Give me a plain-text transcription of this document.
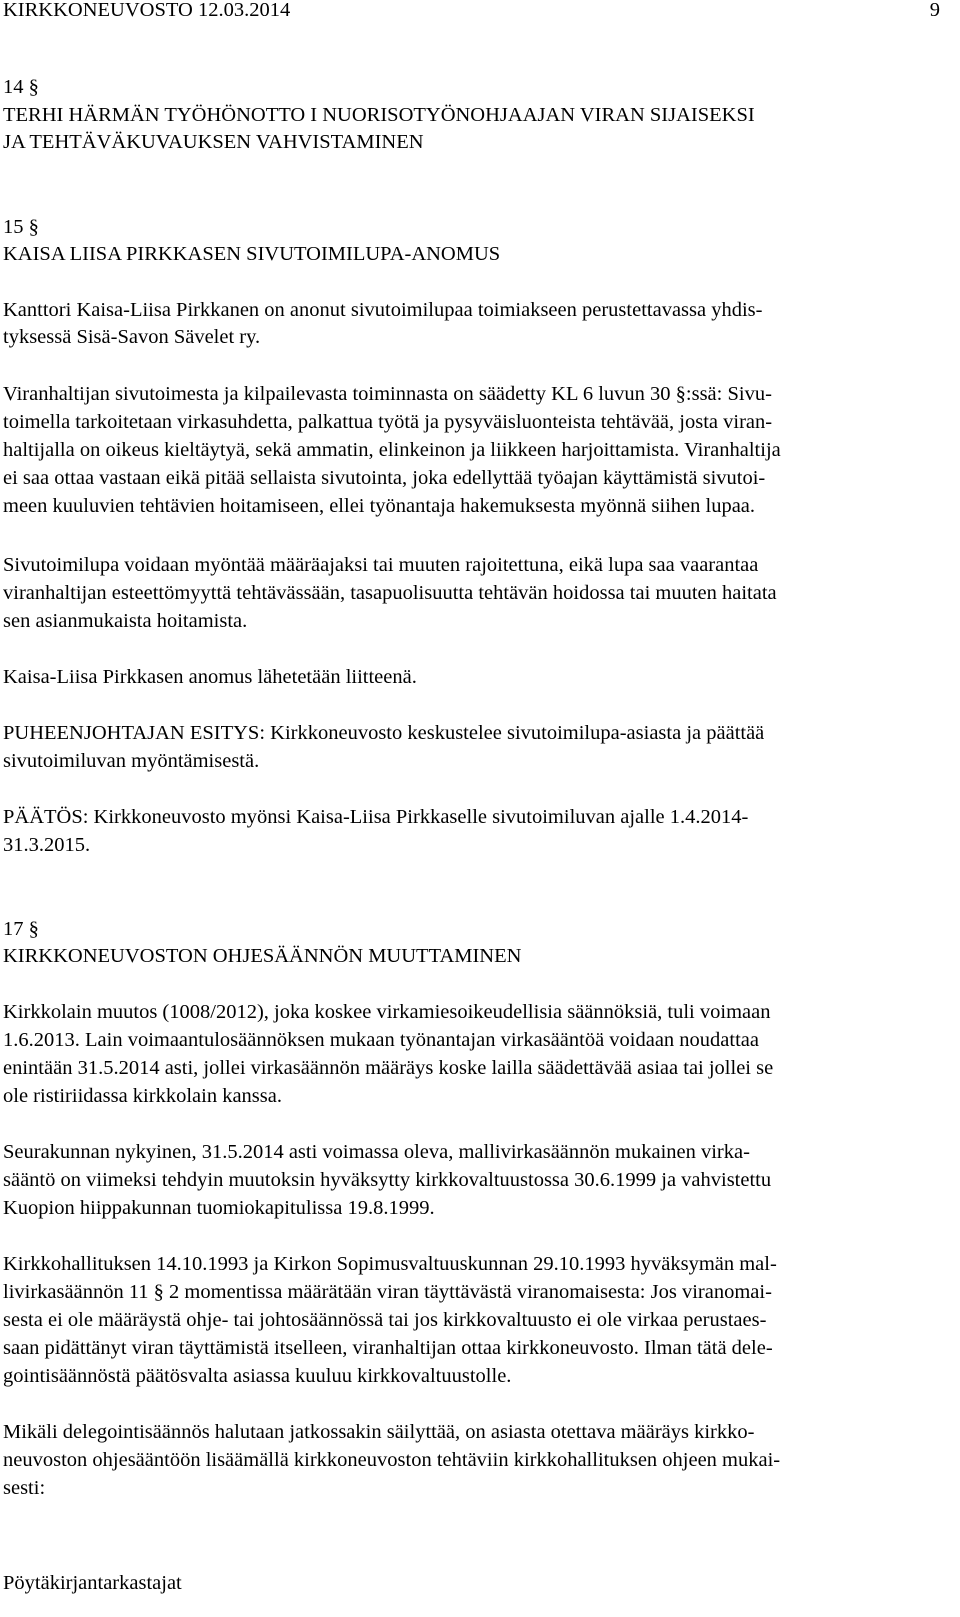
KIRKKONEUVOSTO 12.03.2014	9

14 §

TERHI HÄRMÄN TYÖHÖNOTTO I NUORISOTYÖNOHJAAJAN VIRAN SIJAISEKSI

JA TEHTÄVÄKUVAUKSEN VAHVISTAMINEN

15 §

KAISA LIISA PIRKKASEN SIVUTOIMILUPA-ANOMUS

Kanttori Kaisa-Liisa Pirkkanen on anonut sivutoimilupaa toimiakseen perustettavassa yhdis-

tyksessä Sisä-Savon Sävelet ry.

Viranhaltijan sivutoimesta ja kilpailevasta toiminnasta on säädetty KL 6 luvun 30 §:ssä: Sivu-

toimella tarkoitetaan virkasuhdetta, palkattua työtä ja pysyväisluonteista tehtävää, josta viran-

haltijalla on oikeus kieltäytyä, sekä ammatin, elinkeinon ja liikkeen harjoittamista. Viranhaltija

ei saa ottaa vastaan eikä pitää sellaista sivutointa, joka edellyttää työajan käyttämistä sivutoi-

meen kuuluvien tehtävien hoitamiseen, ellei työnantaja hakemuksesta myönnä siihen lupaa.

Sivutoimilupa voidaan myöntää määräajaksi tai muuten rajoitettuna, eikä lupa saa vaarantaa

viranhaltijan esteettömyyttä tehtävässään, tasapuolisuutta tehtävän hoidossa tai muuten haitata

sen asianmukaista hoitamista.

Kaisa-Liisa Pirkkasen anomus lähetetään liitteenä.

PUHEENJOHTAJAN ESITYS: Kirkkoneuvosto keskustelee sivutoimilupa-asiasta ja päättää

sivutoimiluvan myöntämisestä.

PÄÄTÖS: Kirkkoneuvosto myönsi Kaisa-Liisa Pirkkaselle sivutoimiluvan ajalle 1.4.2014-

31.3.2015.

17 §

KIRKKONEUVOSTON OHJESÄÄNNÖN MUUTTAMINEN

Kirkkolain muutos (1008/2012), joka koskee virkamiesoikeudellisia säännöksiä, tuli voimaan

1.6.2013. Lain voimaantulosäännöksen mukaan työnantajan virkasääntöä voidaan noudattaa

enintään 31.5.2014 asti, jollei virkasäännön määräys koske lailla säädettävää asiaa tai jollei se

ole ristiriidassa kirkkolain kanssa.

Seurakunnan nykyinen, 31.5.2014 asti voimassa oleva, mallivirkasäännön mukainen virka-

sääntö on viimeksi tehdyin muutoksin hyväksytty kirkkovaltuustossa 30.6.1999 ja vahvistettu

Kuopion hiippakunnan tuomiokapitulissa 19.8.1999.

Kirkkohallituksen 14.10.1993 ja Kirkon Sopimusvaltuuskunnan 29.10.1993 hyväksymän mal-

livirkasäännön 11 § 2 momentissa määrätään viran täyttävästä viranomaisesta: Jos viranomai-

sesta ei ole määräystä ohje- tai johtosäännössä tai jos kirkkovaltuusto ei ole virkaa perustaes-

saan pidättänyt viran täyttämistä itselleen, viranhaltijan ottaa kirkkoneuvosto. Ilman tätä dele-

gointisäännöstä päätösvalta asiassa kuuluu kirkkovaltuustolle.

Mikäli delegointisäännös halutaan jatkossakin säilyttää, on asiasta otettava määräys kirkko-

neuvoston ohjesääntöön lisäämällä kirkkoneuvoston tehtäviin kirkkohallituksen ohjeen mukai-

sesti:

Pöytäkirjantarkastajat
